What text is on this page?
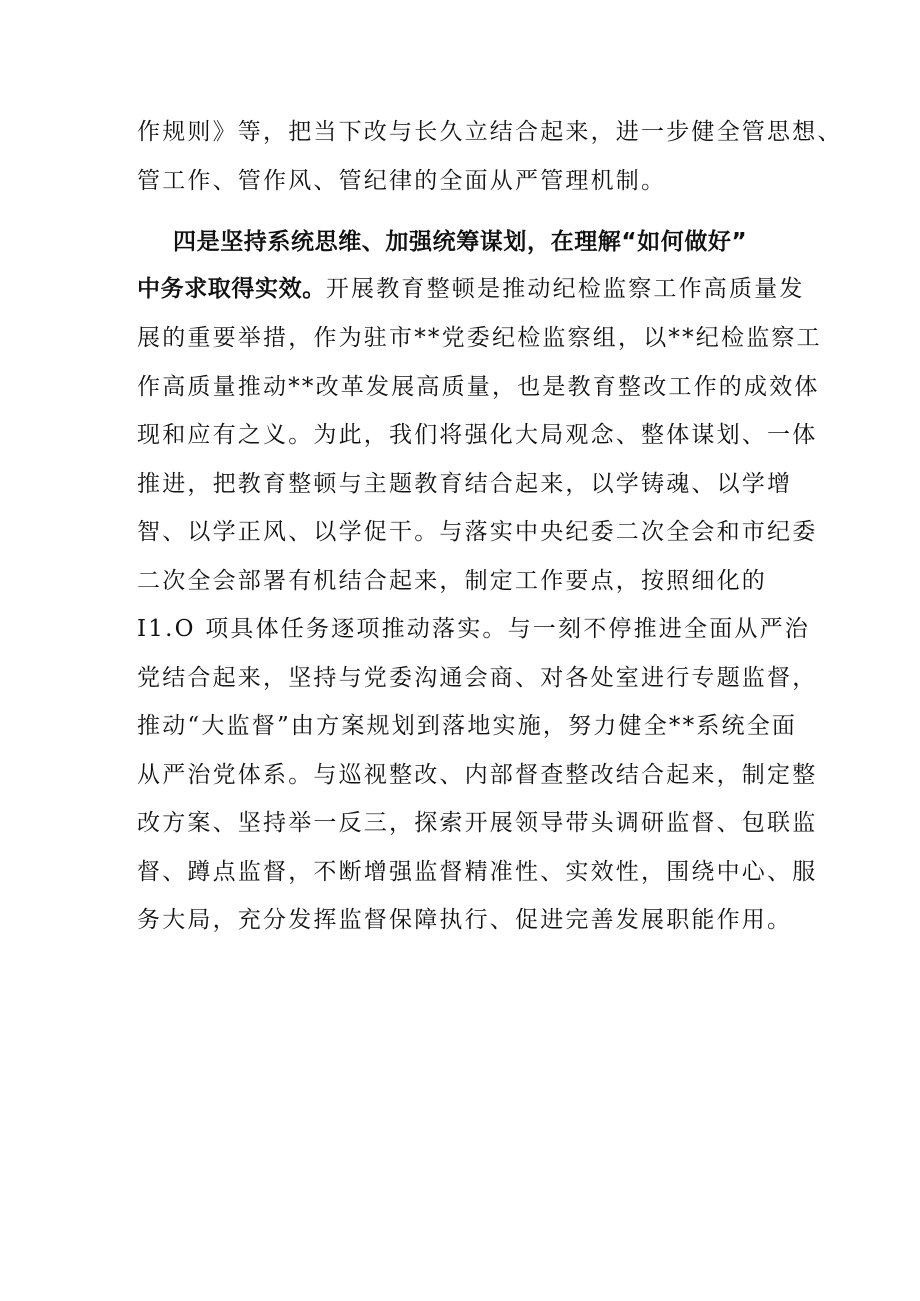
作规则》等，把当下改与长久立结合起来，进一步健全管思想、
管工作、管作风、管纪律的全面从严管理机制。
四是坚持系统思维、加强统筹谋划，在理解“如何做好”
中务求取得实效。开展教育整顿是推动纪检监察工作高质量发
展的重要举措，作为驻市**党委纪检监察组，以**纪检监察工
作高质量推动**改革发展高质量，也是教育整改工作的成效体
现和应有之义。为此，我们将强化大局观念、整体谋划、一体
推进，把教育整顿与主题教育结合起来，以学铸魂、以学增
智、以学正风、以学促干。与落实中央纪委二次全会和市纪委
二次全会部署有机结合起来，制定工作要点，按照细化的
I1.O 项具体任务逐项推动落实。与一刻不停推进全面从严治
党结合起来，坚持与党委沟通会商、对各处室进行专题监督，
推动“大监督”由方案规划到落地实施，努力健全**系统全面
从严治党体系。与巡视整改、内部督查整改结合起来，制定整
改方案、坚持举一反三，探索开展领导带头调研监督、包联监
督、蹲点监督，不断增强监督精准性、实效性，围绕中心、服
务大局，充分发挥监督保障执行、促进完善发展职能作用。
